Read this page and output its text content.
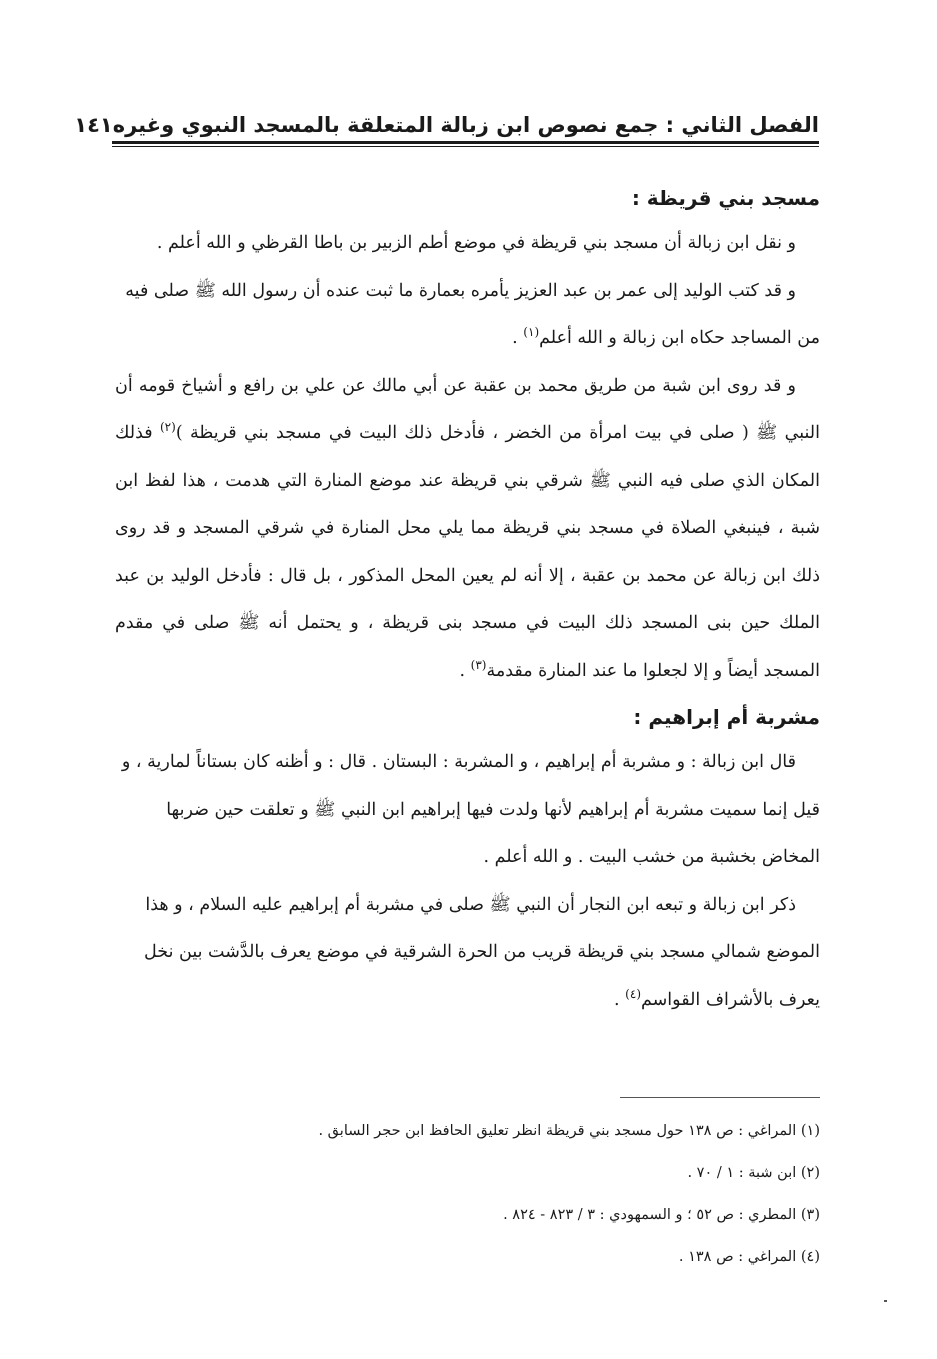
الفصل الثاني : جمع نصوص ابن زبالة المتعلقة بالمسجد النبوي وغيره
١٤١
مسجد بني قريظة :

و نقل ابن زبالة أن مسجد بني قريظة في موضع أطم الزبير بن باطا القرظي و الله أعلم .

و قد كتب الوليد إلى عمر بن عبد العزيز يأمره بعمارة ما ثبت عنده أن رسول الله ﷺ صلى فيه من المساجد حكاه ابن زبالة و الله أعلم$^{(١)}$ .

و قد روى ابن شبة من طريق محمد بن عقبة عن أبي مالك عن علي بن رافع و أشياخ قومه أن النبي ﷺ ( صلى في بيت امرأة من الخضر ، فأدخل ذلك البيت في مسجد بني قريظة )$^{(٢)}$ فذلك المكان الذي صلى فيه النبي ﷺ شرقي بني قريظة عند موضع المنارة التي هدمت ، هذا لفظ ابن شبة ، فينبغي الصلاة في مسجد بني قريظة مما يلي محل المنارة في شرقي المسجد و قد روى ذلك ابن زبالة عن محمد بن عقبة ، إلا أنه لم يعين المحل المذكور ، بل قال : فأدخل الوليد بن عبد الملك حين بنى المسجد ذلك البيت في مسجد بنى قريظة ، و يحتمل أنه ﷺ صلى في مقدم المسجد أيضاً و إلا لجعلوا ما عند المنارة مقدمة$^{(٣)}$ .

مشربة أم إبراهيم :

قال ابن زبالة : و مشربة أم إبراهيم ، و المشربة : البستان . قال : و أظنه كان بستاناً لمارية ، و قيل إنما سميت مشربة أم إبراهيم لأنها ولدت فيها إبراهيم ابن النبي ﷺ و تعلقت حين ضربها المخاض بخشبة من خشب البيت . و الله أعلم .

ذكر ابن زبالة و تبعه ابن النجار أن النبي ﷺ صلى في مشربة أم إبراهيم عليه السلام ، و هذا الموضع شمالي مسجد بني قريظة قريب من الحرة الشرقية في موضع يعرف بالدَّشت بين نخل يعرف بالأشراف القواسم$^{(٤)}$ .

(١) المراغي : ص ١٣٨ حول مسجد بني قريظة انظر تعليق الحافظ ابن حجر السابق .

(٢) ابن شبة : ١ / ٧٠ .

(٣) المطري : ص ٥٢ ؛ و السمهودي : ٣ / ٨٢٣ - ٨٢٤ .

(٤) المراغي : ص ١٣٨ .
